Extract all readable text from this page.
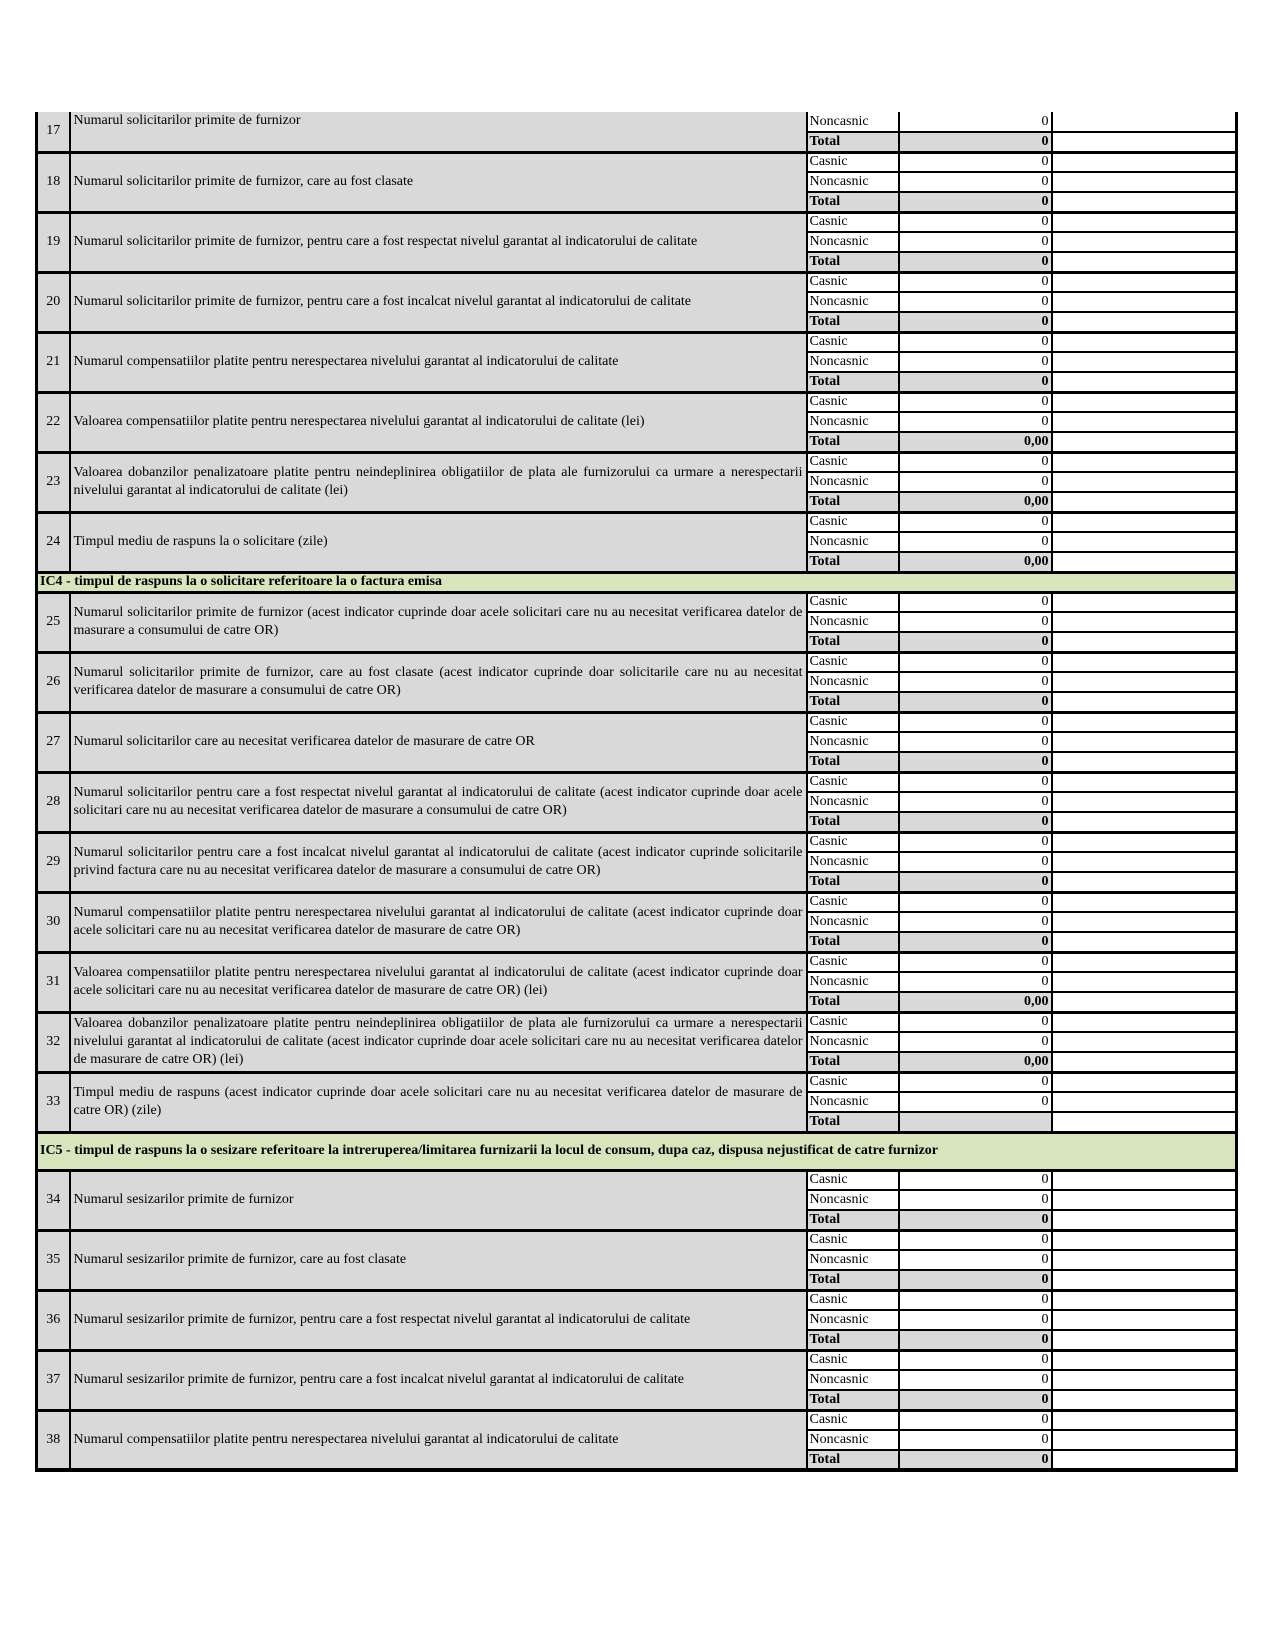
17	Numarul solicitarilor primite de furnizor	Noncasnic	0	
		Total	0	
18	Numarul solicitarilor primite de furnizor, care au fost clasate	Casnic	0	
		Noncasnic	0	
		Total	0	
19	Numarul solicitarilor primite de furnizor, pentru care a fost respectat nivelul garantat al indicatorului de calitate	Casnic	0	
		Noncasnic	0	
		Total	0	
20	Numarul solicitarilor primite de furnizor, pentru care a fost incalcat nivelul garantat al indicatorului de calitate	Casnic	0	
		Noncasnic	0	
		Total	0	
21	Numarul compensatiilor platite pentru nerespectarea nivelului garantat al indicatorului de calitate	Casnic	0	
		Noncasnic	0	
		Total	0	
22	Valoarea compensatiilor platite pentru nerespectarea nivelului garantat al indicatorului de calitate (lei)	Casnic	0	
		Noncasnic	0	
		Total	0,00	
23	Valoarea dobanzilor penalizatoare platite pentru neindeplinirea obligatiilor de plata ale furnizorului ca urmare a nerespectarii nivelului garantat al indicatorului de calitate (lei)	Casnic	0	
		Noncasnic	0	
		Total	0,00	
24	Timpul mediu de raspuns la o solicitare (zile)	Casnic	0	
		Noncasnic	0	
		Total	0,00	
IC4 - timpul de raspuns la o solicitare referitoare la o factura emisa				
25	Numarul solicitarilor primite de furnizor (acest indicator cuprinde doar acele solicitari care nu au necesitat verificarea datelor de masurare a consumului de catre OR)	Casnic	0	
		Noncasnic	0	
		Total	0	
26	Numarul solicitarilor primite de furnizor, care au fost clasate (acest indicator cuprinde doar solicitarile care nu au necesitat verificarea datelor de masurare a consumului de catre OR)	Casnic	0	
		Noncasnic	0	
		Total	0	
27	Numarul solicitarilor care au necesitat verificarea datelor de masurare de catre OR	Casnic	0	
		Noncasnic	0	
		Total	0	
28	Numarul solicitarilor pentru care a fost respectat nivelul garantat al indicatorului de calitate (acest indicator cuprinde doar acele solicitari care nu au necesitat verificarea datelor de masurare a consumului de catre OR)	Casnic	0	
		Noncasnic	0	
		Total	0	
29	Numarul solicitarilor pentru care a fost incalcat nivelul garantat al indicatorului de calitate (acest indicator cuprinde solicitarile privind factura care nu au necesitat verificarea datelor de masurare a consumului de catre OR)	Casnic	0	
		Noncasnic	0	
		Total	0	
30	Numarul compensatiilor platite pentru nerespectarea nivelului garantat al indicatorului de calitate (acest indicator cuprinde doar acele solicitari care nu au necesitat verificarea datelor de masurare de catre OR)	Casnic	0	
		Noncasnic	0	
		Total	0	
31	Valoarea compensatiilor platite pentru nerespectarea nivelului garantat al indicatorului de calitate (acest indicator cuprinde doar acele solicitari care nu au necesitat verificarea datelor de masurare de catre OR) (lei)	Casnic	0	
		Noncasnic	0	
		Total	0,00	
32	Valoarea dobanzilor penalizatoare platite pentru neindeplinirea obligatiilor de plata ale furnizorului ca urmare a nerespectarii nivelului garantat al indicatorului de calitate (acest indicator cuprinde doar acele solicitari care nu au necesitat verificarea datelor de masurare de catre OR) (lei)	Casnic	0	
		Noncasnic	0	
		Total	0,00	
33	Timpul mediu de raspuns (acest indicator cuprinde doar acele solicitari care nu au necesitat verificarea datelor de masurare de catre OR) (zile)	Casnic	0	
		Noncasnic	0	
		Total		
IC5 - timpul de raspuns la o sesizare referitoare la intreruperea/limitarea furnizarii la locul de consum, dupa caz, dispusa nejustificat de catre furnizor				
34	Numarul sesizarilor primite de furnizor	Casnic	0	
		Noncasnic	0	
		Total	0	
35	Numarul sesizarilor primite de furnizor, care au fost clasate	Casnic	0	
		Noncasnic	0	
		Total	0	
36	Numarul sesizarilor primite de furnizor, pentru care a fost respectat nivelul garantat al indicatorului de calitate	Casnic	0	
		Noncasnic	0	
		Total	0	
37	Numarul sesizarilor primite de furnizor, pentru care a fost incalcat nivelul garantat al indicatorului de calitate	Casnic	0	
		Noncasnic	0	
		Total	0	
38	Numarul compensatiilor platite pentru nerespectarea nivelului garantat al indicatorului de calitate	Casnic	0	
		Noncasnic	0	
		Total	0	
